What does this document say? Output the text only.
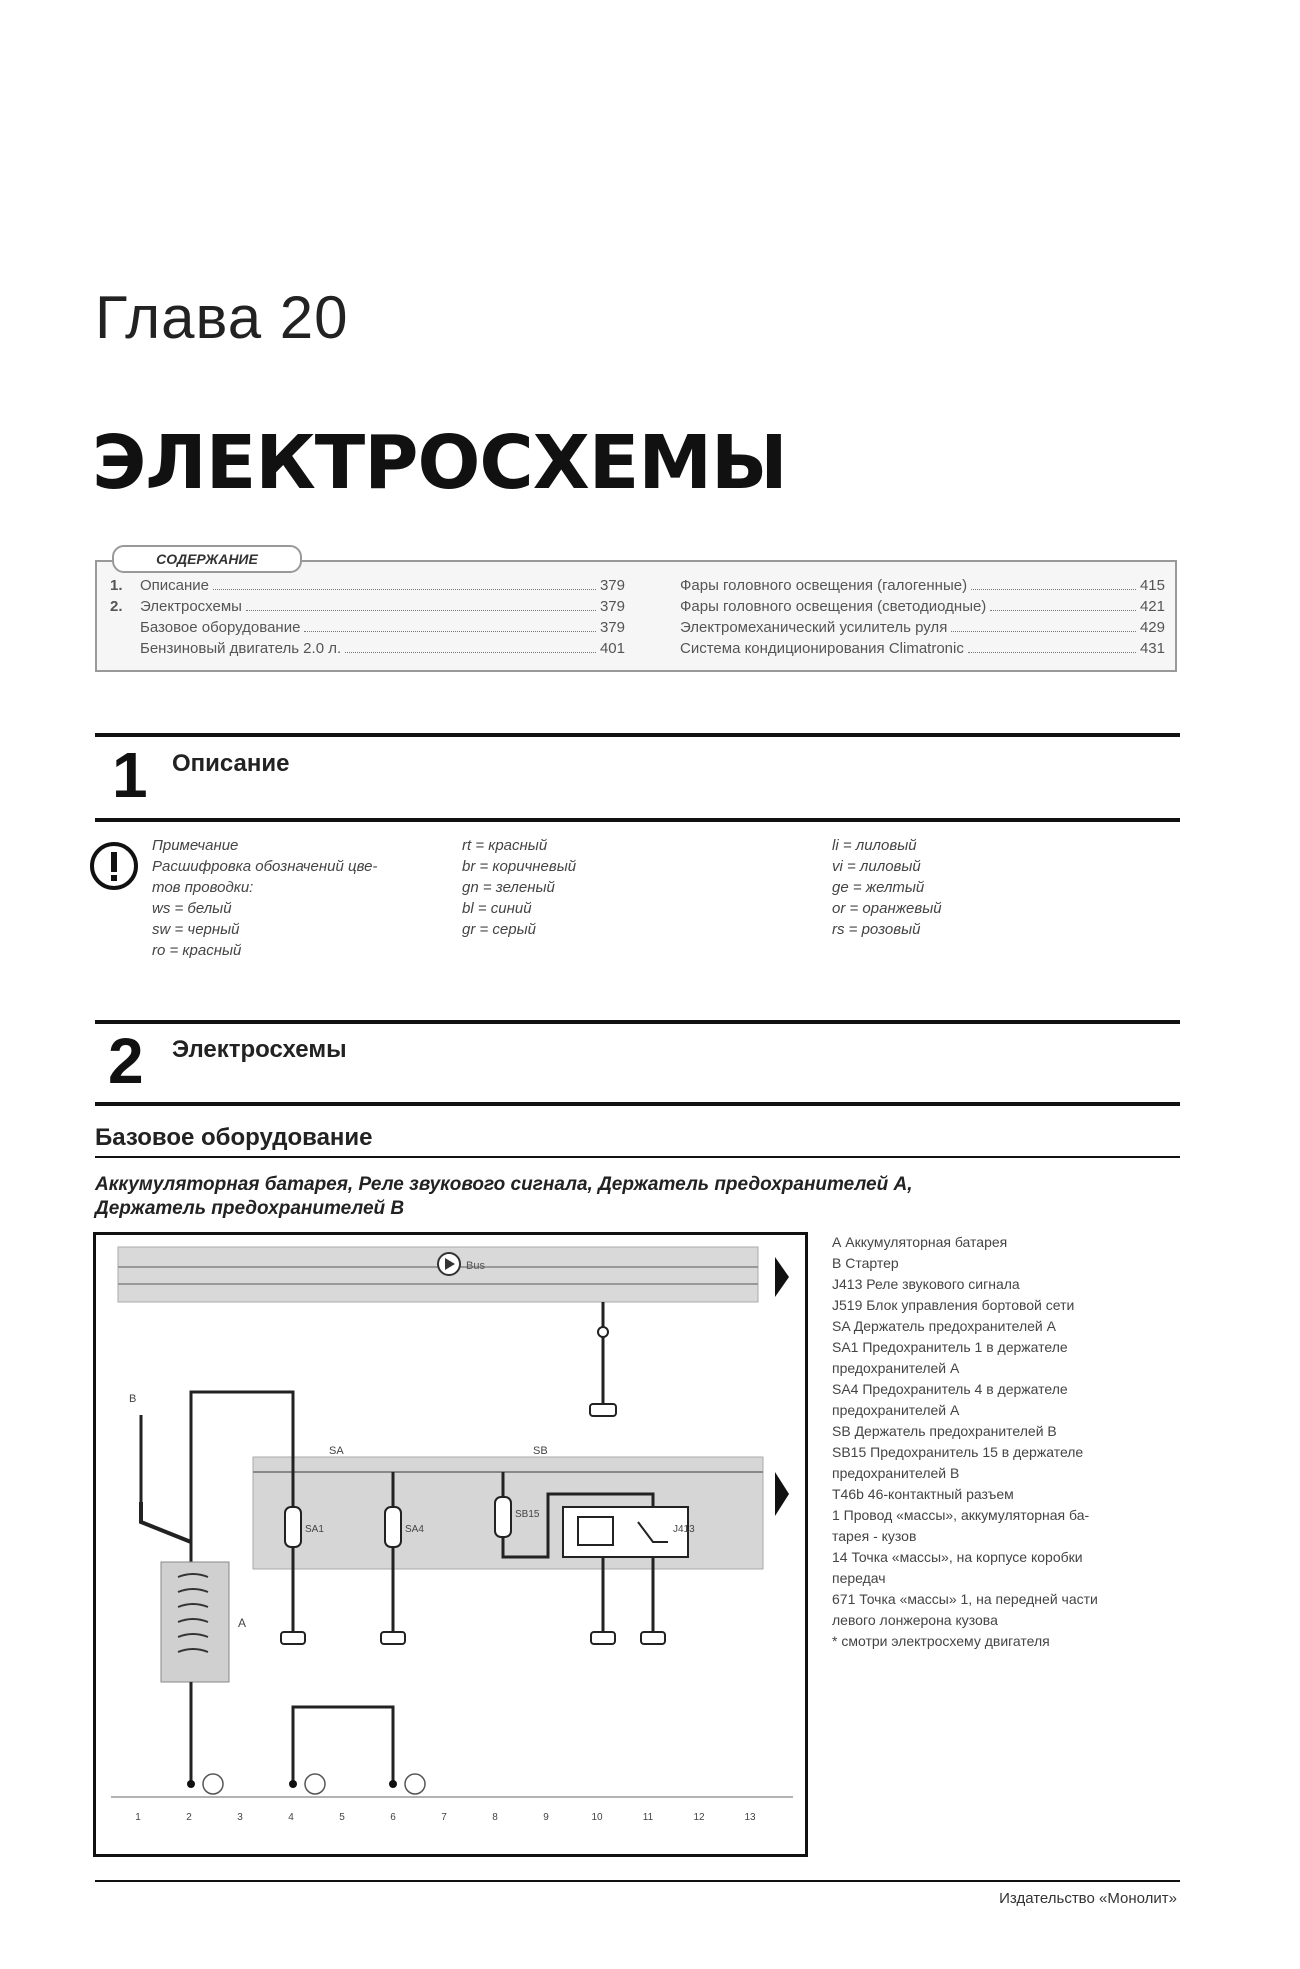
Глава 20
ЭЛЕКТРОСХЕМЫ
СОДЕРЖАНИЕ
1.	Описание	379
2.	Электросхемы	379
Базовое оборудование	379
Бензиновый двигатель 2.0 л.	401
Фары головного освещения (галогенные)	415
Фары головного освещения (светодиодные)	421
Электромеханический усилитель руля	429
Система кондиционирования Climatronic	431
1 Описание
Примечание
Расшифровка обозначений цве-
тов проводки:
ws = белый
sw = черный
ro = красный
rt = красный
br = коричневый
gn = зеленый
bl = синий
gr = серый
li = лиловый
vi = лиловый
ge = желтый
or = оранжевый
rs = розовый
2 Электросхемы
Базовое оборудование
Аккумуляторная батарея, Реле звукового сигнала, Держатель предохранителей А,
Держатель предохранителей В
Bus
SA	SB
B
A
SA1	SA4
SB15
J413
1	2	3	4	5	6	7	8	9	10	11	12	13
А Аккумуляторная батарея
В Стартер
J413 Реле звукового сигнала
J519 Блок управления бортовой сети
SA Держатель предохранителей А
SA1 Предохранитель 1 в держателе
предохранителей А
SA4 Предохранитель 4 в держателе
предохранителей А
SB Держатель предохранителей В
SB15 Предохранитель 15 в держателе
предохранителей В
T46b 46-контактный разъем
1 Провод «массы», аккумуляторная ба-
тарея - кузов
14 Точка «массы», на корпусе коробки
передач
671 Точка «массы» 1, на передней части
левого лонжерона кузова
* смотри электросхему двигателя
Издательство «Монолит»
